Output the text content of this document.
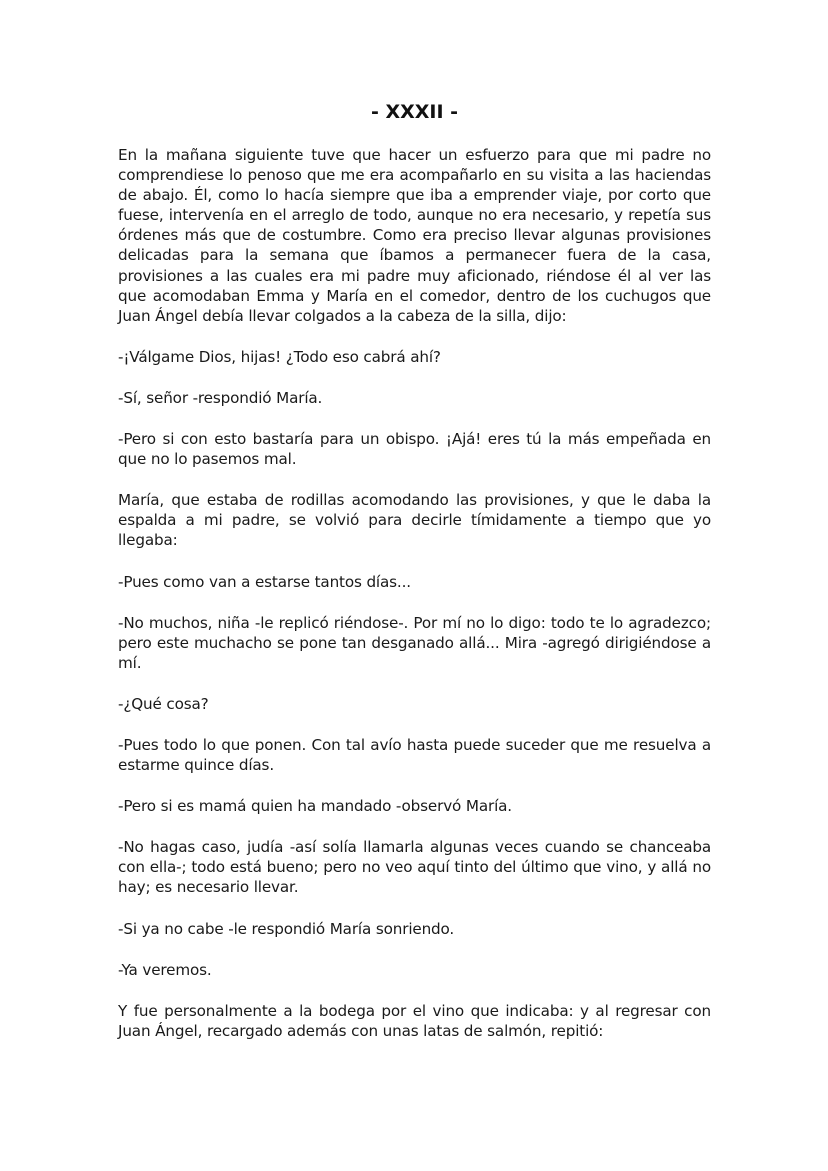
- XXXII -

En la mañana siguiente tuve que hacer un esfuerzo para que mi padre no comprendiese lo penoso que me era acompañarlo en su visita a las haciendas de abajo. Él, como lo hacía siempre que iba a emprender viaje, por corto que fuese, intervenía en el arreglo de todo, aunque no era necesario, y repetía sus órdenes más que de costumbre. Como era preciso llevar algunas provisiones delicadas para la semana que íbamos a permanecer fuera de la casa, provisiones a las cuales era mi padre muy aficionado, riéndose él al ver las que acomodaban Emma y María en el comedor, dentro de los cuchugos que Juan Ángel debía llevar colgados a la cabeza de la silla, dijo:

-¡Válgame Dios, hijas! ¿Todo eso cabrá ahí?

-Sí, señor -respondió María.

-Pero si con esto bastaría para un obispo. ¡Ajá! eres tú la más empeñada en que no lo pasemos mal.

María, que estaba de rodillas acomodando las provisiones, y que le daba la espalda a mi padre, se volvió para decirle tímidamente a tiempo que yo llegaba:

-Pues como van a estarse tantos días...

-No muchos, niña -le replicó riéndose-. Por mí no lo digo: todo te lo agradezco; pero este muchacho se pone tan desganado allá... Mira -agregó dirigiéndose a mí.

-¿Qué cosa?

-Pues todo lo que ponen. Con tal avío hasta puede suceder que me resuelva a estarme quince días.

-Pero si es mamá quien ha mandado -observó María.

-No hagas caso, judía -así solía llamarla algunas veces cuando se chanceaba con ella-; todo está bueno; pero no veo aquí tinto del último que vino, y allá no hay; es necesario llevar.

-Si ya no cabe -le respondió María sonriendo.

-Ya veremos.

Y fue personalmente a la bodega por el vino que indicaba: y al regresar con Juan Ángel, recargado además con unas latas de salmón, repitió:
